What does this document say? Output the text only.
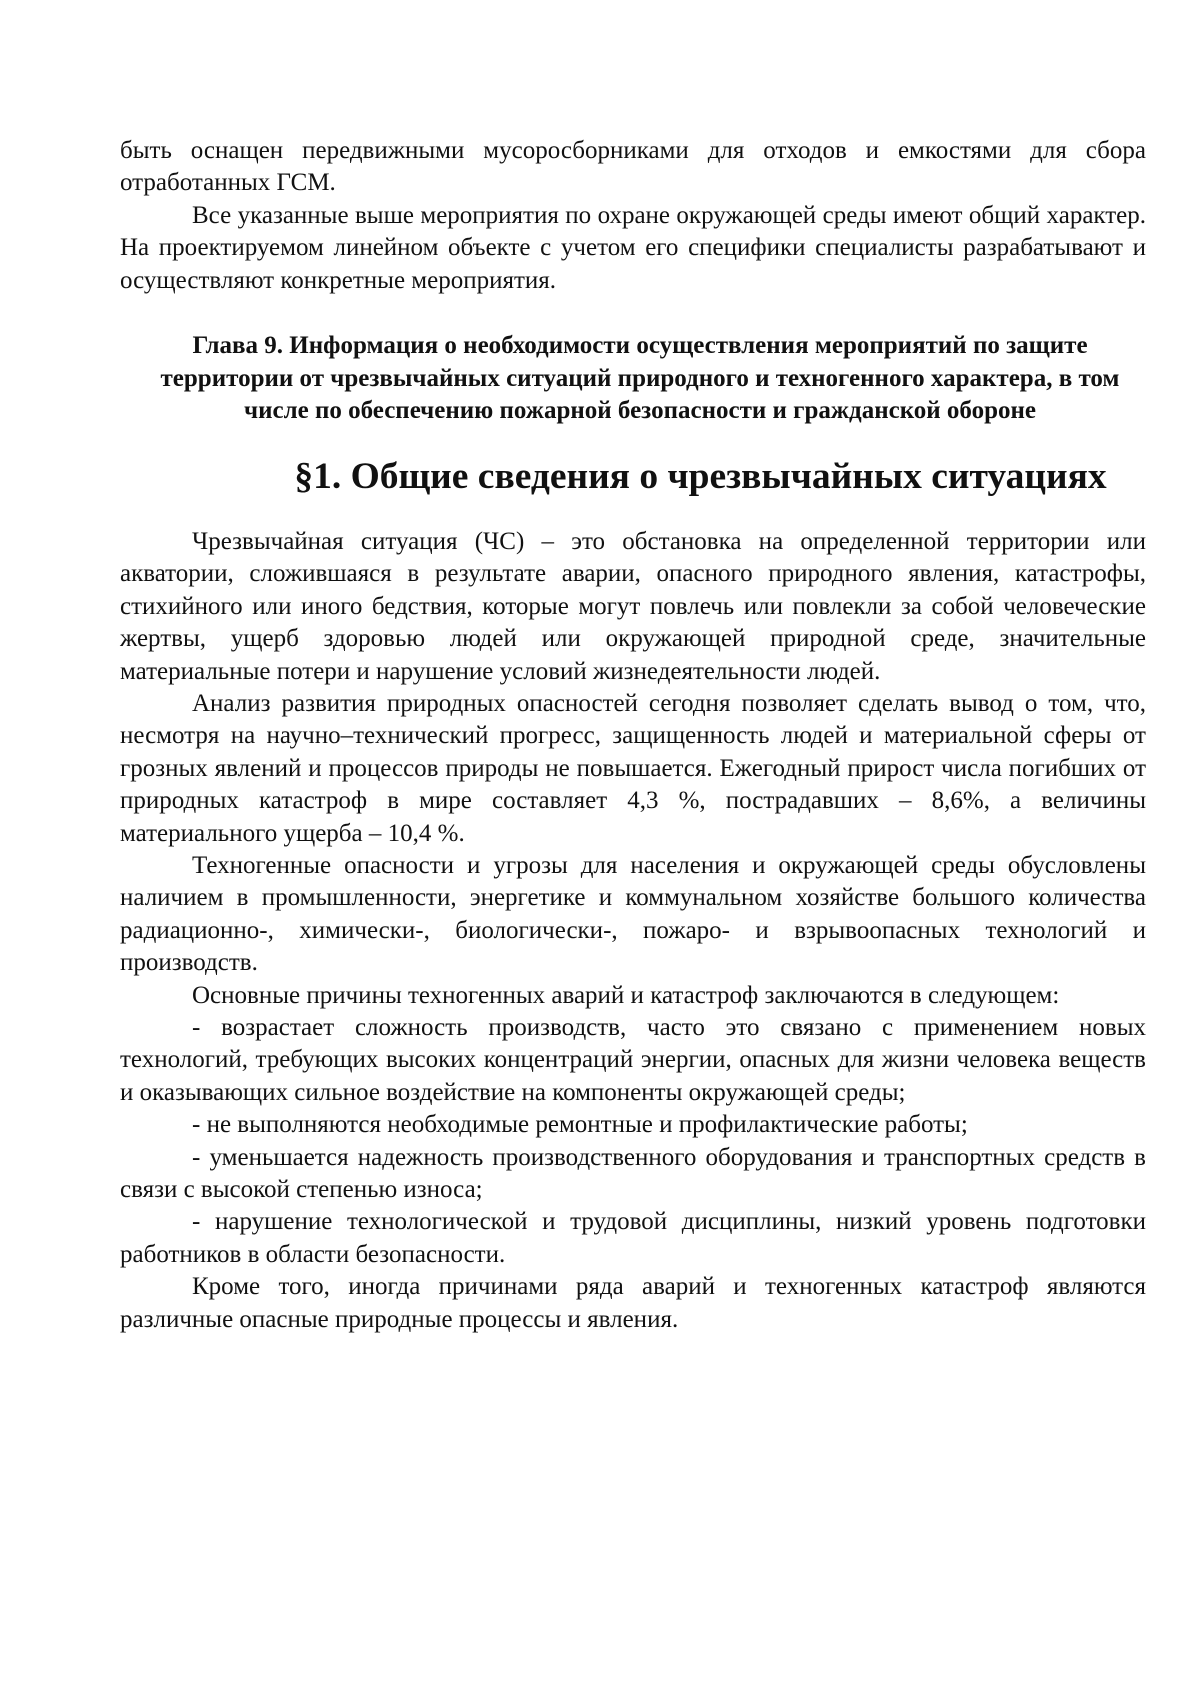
быть оснащен передвижными мусоросборниками для отходов и емкостями для сбора отработанных ГСМ.

Все указанные выше мероприятия по охране окружающей среды имеют общий характер. На проектируемом линейном объекте с учетом его специфики специалисты разрабатывают и осуществляют конкретные мероприятия.

Глава 9. Информация о необходимости осуществления мероприятий по защите территории от чрезвычайных ситуаций природного и техногенного характера, в том числе по обеспечению пожарной безопасности и гражданской обороне
§1. Общие сведения о чрезвычайных ситуациях

Чрезвычайная ситуация (ЧС) – это обстановка на определенной территории или акватории, сложившаяся в результате аварии, опасного природного явления, катастрофы, стихийного или иного бедствия, которые могут повлечь или повлекли за собой человеческие жертвы, ущерб здоровью людей или окружающей природной среде, значительные материальные потери и нарушение условий жизнедеятельности людей.

Анализ развития природных опасностей сегодня позволяет сделать вывод о том, что, несмотря на научно–технический прогресс, защищенность людей и материальной сферы от грозных явлений и процессов природы не повышается. Ежегодный прирост числа погибших от природных катастроф в мире составляет 4,3 %, пострадавших – 8,6%, а величины материального ущерба – 10,4 %.

Техногенные опасности и угрозы для населения и окружающей среды обусловлены наличием в промышленности, энергетике и коммунальном хозяйстве большого количества радиационно-, химически-, биологически-, пожаро- и взрывоопасных технологий и производств.

Основные причины техногенных аварий и катастроф заключаются в следующем:

- возрастает сложность производств, часто это связано с применением новых технологий, требующих высоких концентраций энергии, опасных для жизни человека веществ и оказывающих сильное воздействие на компоненты окружающей среды;

- не выполняются необходимые ремонтные и профилактические работы;

- уменьшается надежность производственного оборудования и транспортных средств в связи с высокой степенью износа;

- нарушение технологической и трудовой дисциплины, низкий уровень подготовки работников в области безопасности.

Кроме того, иногда причинами ряда аварий и техногенных катастроф являются различные опасные природные процессы и явления.
